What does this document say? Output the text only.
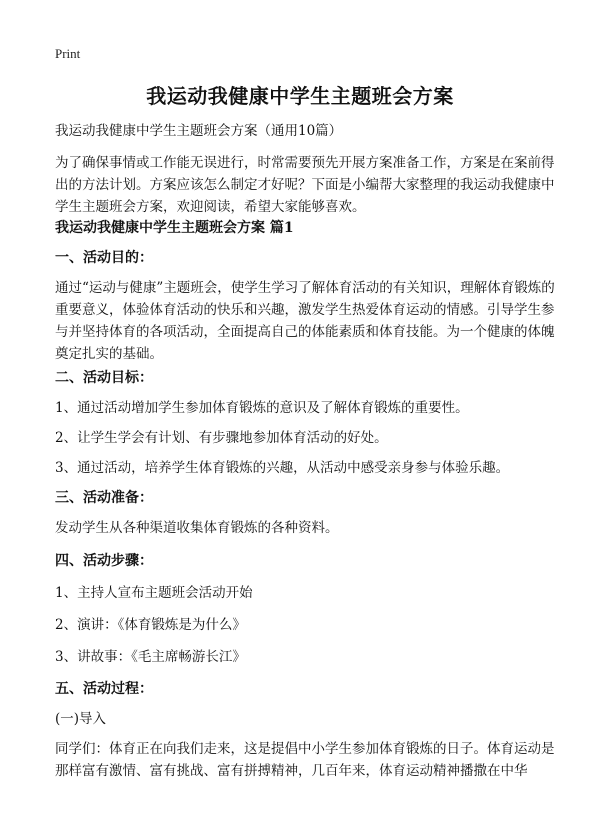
Print
我运动我健康中学生主题班会方案
我运动我健康中学生主题班会方案（通用10篇）
为了确保事情或工作能无误进行，时常需要预先开展方案准备工作，方案是在案前得出的方法计划。方案应该怎么制定才好呢？下面是小编帮大家整理的我运动我健康中学生主题班会方案，欢迎阅读，希望大家能够喜欢。
我运动我健康中学生主题班会方案 篇1
一、活动目的：
通过“运动与健康”主题班会，使学生学习了解体育活动的有关知识，理解体育锻炼的重要意义，体验体育活动的快乐和兴趣，激发学生热爱体育运动的情感。引导学生参与并坚持体育的各项活动，全面提高自己的体能素质和体育技能。为一个健康的体魄奠定扎实的基础。
二、活动目标：
1、通过活动增加学生参加体育锻炼的意识及了解体育锻炼的重要性。
2、让学生学会有计划、有步骤地参加体育活动的好处。
3、通过活动，培养学生体育锻炼的兴趣，从活动中感受亲身参与体验乐趣。
三、活动准备：
发动学生从各种渠道收集体育锻炼的各种资料。
四、活动步骤：
1、主持人宣布主题班会活动开始
2、演讲：《体育锻炼是为什么》
3、讲故事：《毛主席畅游长江》
五、活动过程：
(一)导入
同学们：体育正在向我们走来，这是提倡中小学生参加体育锻炼的日子。体育运动是那样富有激情、富有挑战、富有拼搏精神，几百年来，体育运动精神播撒在中华
